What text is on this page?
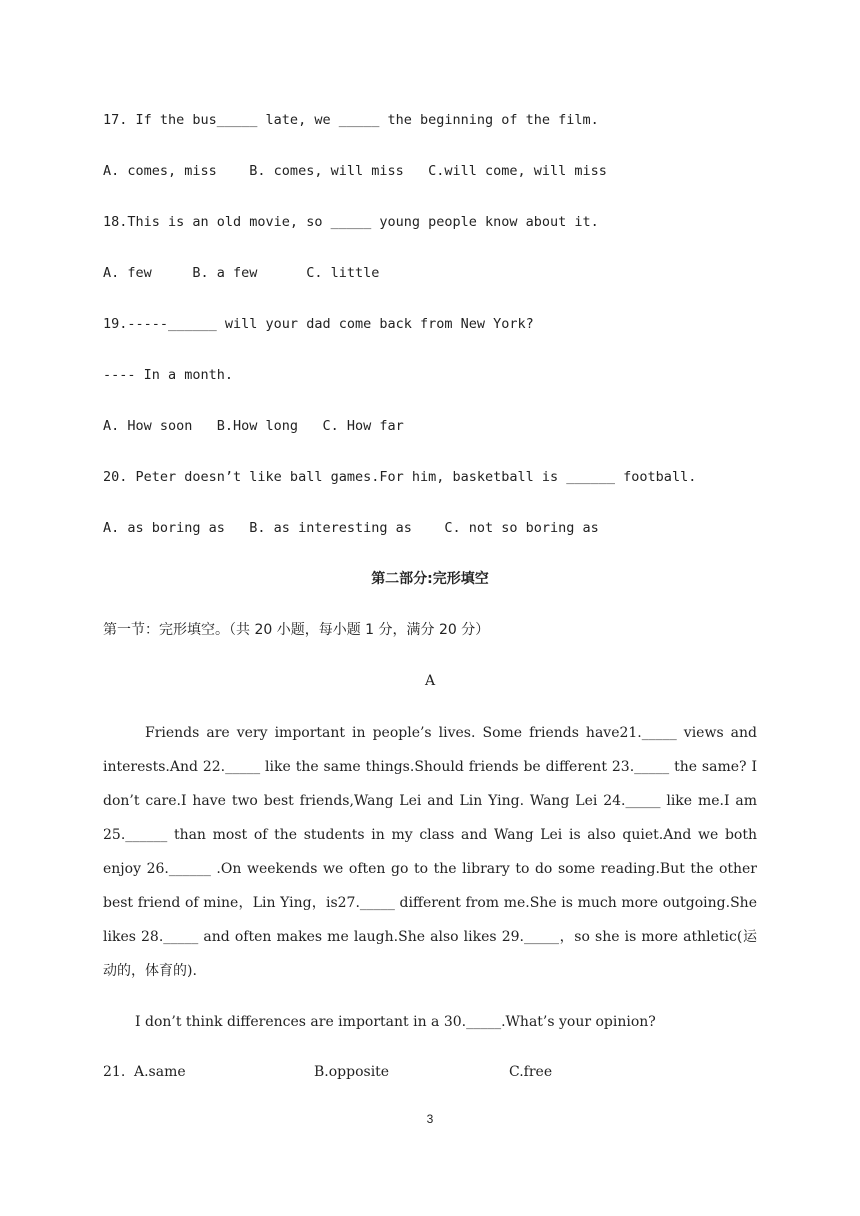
17. If the bus_____ late, we _____ the beginning of the film.
A. comes, miss    B. comes, will miss   C.will come, will miss
18.This is an old movie, so _____ young people know about it.
A. few     B. a few      C. little
19.-----______ will your dad come back from New York?
---- In a month.
A. How soon   B.How long   C. How far
20. Peter doesn’t like ball games.For him, basketball is ______ football.
A. as boring as   B. as interesting as    C. not so boring as
第二部分:完形填空
第一节：完形填空。（共 20 小题，每小题 1 分，满分 20 分）
A

Friends are very important in people’s lives. Some friends have21._____ views and interests.And 22._____ like the same things.Should friends be different 23._____ the same? I don’t care.I have two best friends,Wang Lei and Lin Ying. Wang Lei 24._____ like me.I am 25.______ than most of the students in my class and Wang Lei is also quiet.And we both enjoy 26.______ .On weekends we often go to the library to do some reading.But the other best friend of mine，Lin Ying，is27._____ different from me.She is much more outgoing.She likes 28._____ and often makes me laugh.She also likes 29._____，so she is more athletic(运动的，体育的).

I don’t think differences are important in a 30._____.What’s your opinion?

21. A.same	B.opposite	C.free
3
